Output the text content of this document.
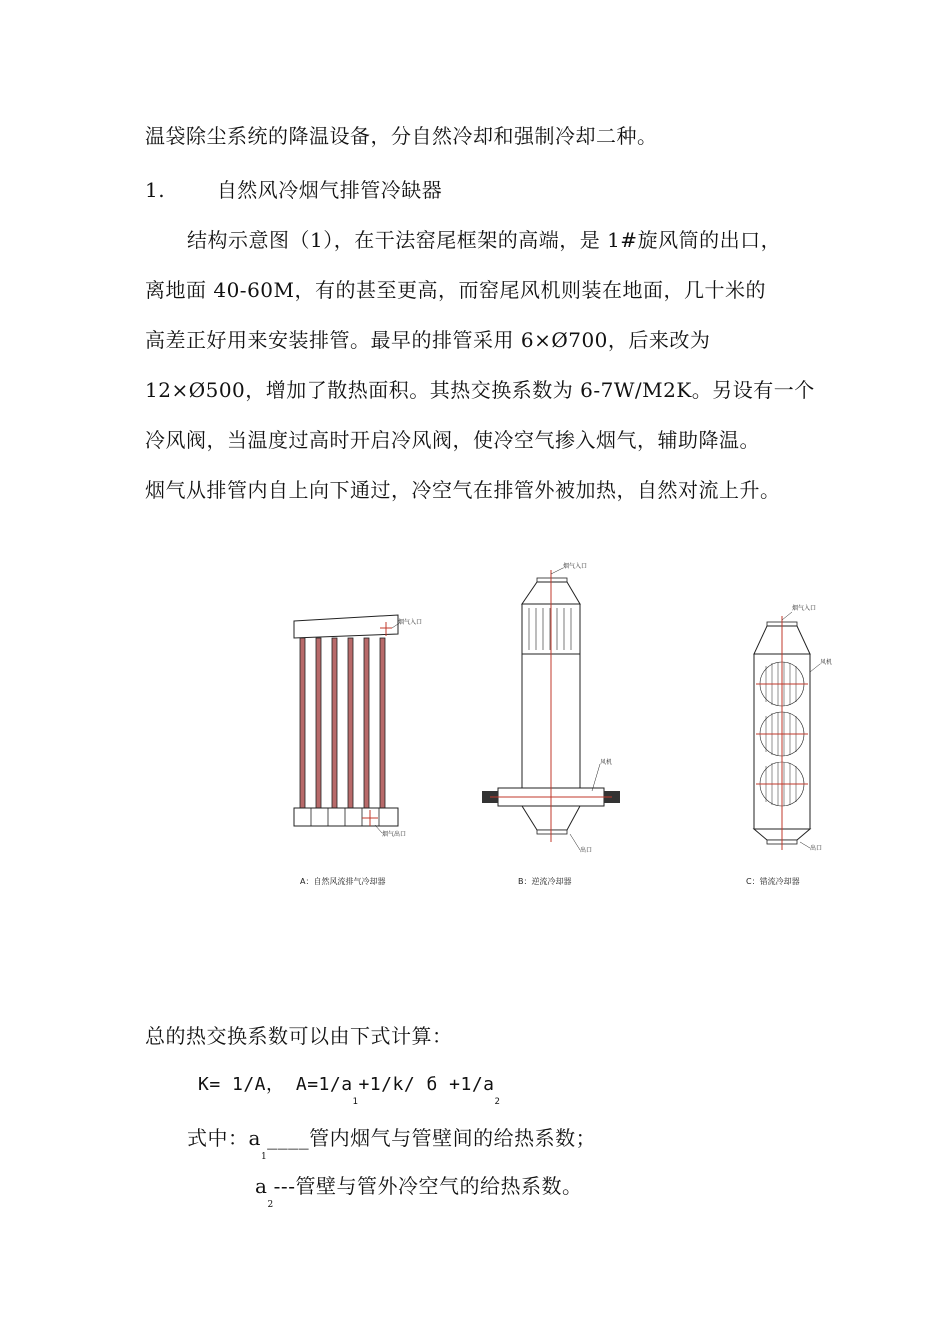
温袋除尘系统的降温设备，分自然冷却和强制冷却二种。
1.	自然风冷烟气排管冷缺器
结构示意图（1），在干法窑尾框架的高端，是 1#旋风筒的出口，
离地面 40-60M，有的甚至更高，而窑尾风机则装在地面，几十米的
高差正好用来安装排管。最早的排管采用 6×Ø700，后来改为
12×Ø500，增加了散热面积。其热交换系数为 6-7W/M2K。另设有一个
冷风阀，当温度过高时开启冷风阀，使冷空气掺入烟气，辅助降温。
烟气从排管内自上向下通过，冷空气在排管外被加热，自然对流上升。
烟气入口
烟气出口
A：自然风流排气冷却器
烟气入口
风机
出口
B：逆流冷却器
烟气入口
风机
出口
C：错流冷却器
总的热交换系数可以由下式计算：
K= 1/A， $A=1/a_1+1/k/$ $б +1/a_2$
式中：$a_1\_\_\_\_$管内烟气与管壁间的给热系数；
$a_2---$管壁与管外冷空气的给热系数。
